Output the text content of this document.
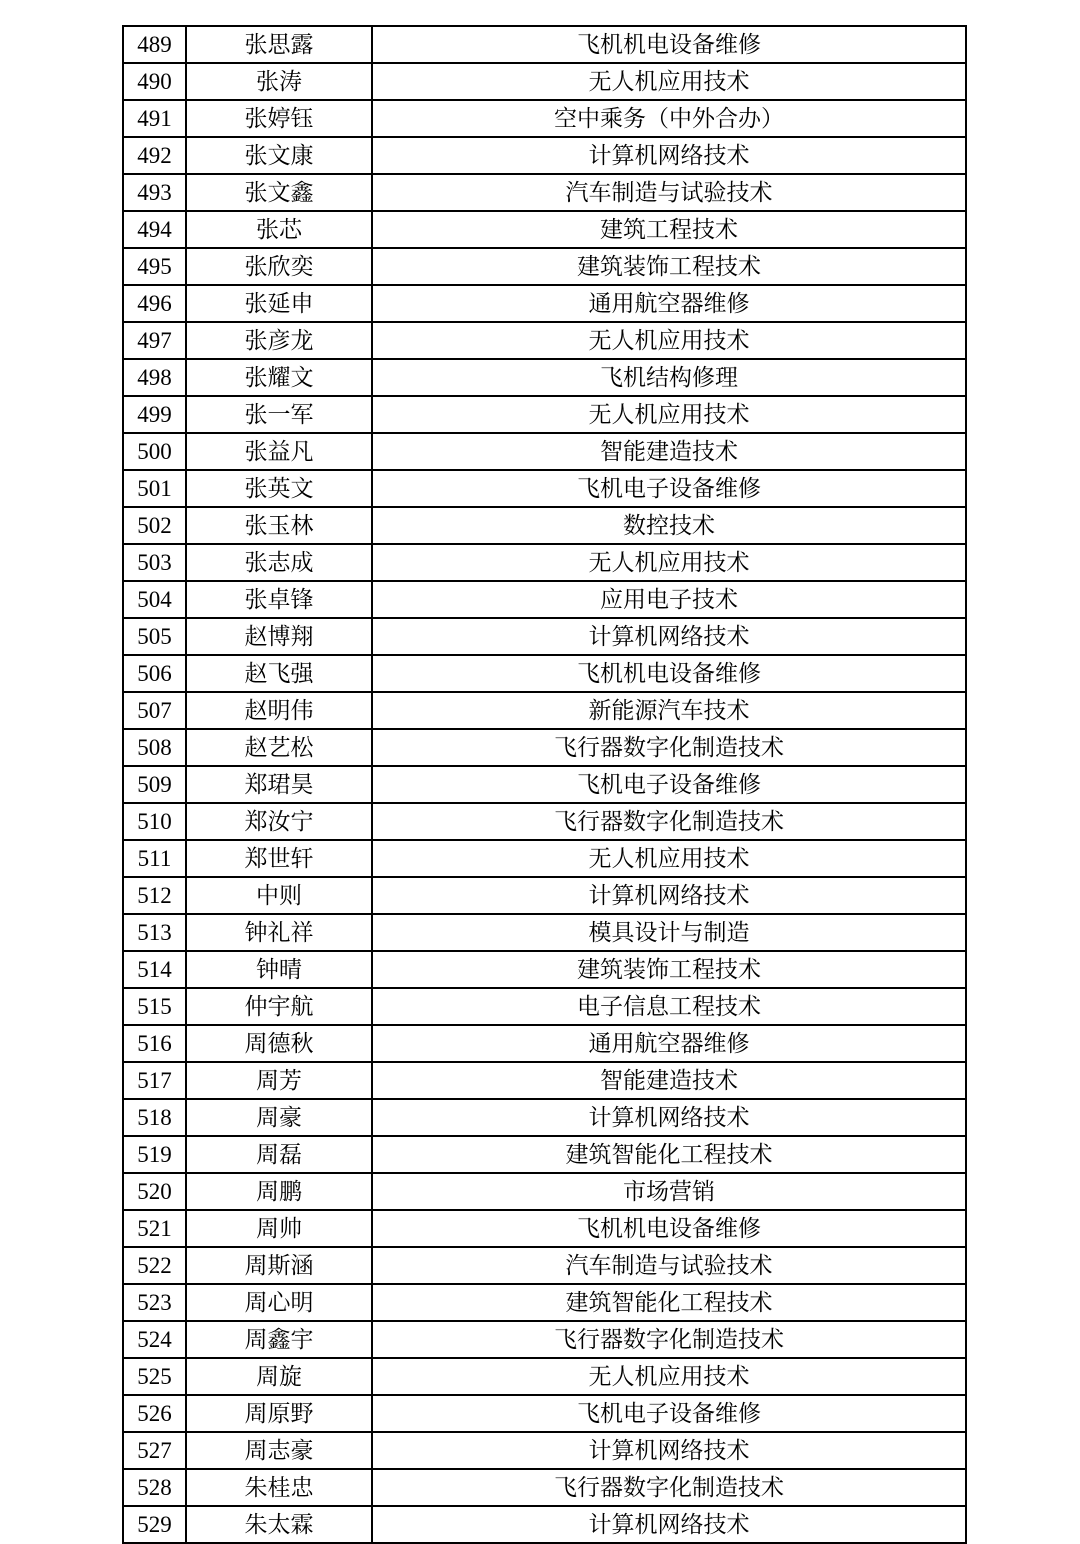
489	张思露	飞机机电设备维修
490	张涛	无人机应用技术
491	张婷钰	空中乘务（中外合办）
492	张文康	计算机网络技术
493	张文鑫	汽车制造与试验技术
494	张芯	建筑工程技术
495	张欣奕	建筑装饰工程技术
496	张延申	通用航空器维修
497	张彦龙	无人机应用技术
498	张耀文	飞机结构修理
499	张一军	无人机应用技术
500	张益凡	智能建造技术
501	张英文	飞机电子设备维修
502	张玉林	数控技术
503	张志成	无人机应用技术
504	张卓锋	应用电子技术
505	赵博翔	计算机网络技术
506	赵飞强	飞机机电设备维修
507	赵明伟	新能源汽车技术
508	赵艺松	飞行器数字化制造技术
509	郑珺昊	飞机电子设备维修
510	郑汝宁	飞行器数字化制造技术
511	郑世轩	无人机应用技术
512	中则	计算机网络技术
513	钟礼祥	模具设计与制造
514	钟晴	建筑装饰工程技术
515	仲宇航	电子信息工程技术
516	周德秋	通用航空器维修
517	周芳	智能建造技术
518	周豪	计算机网络技术
519	周磊	建筑智能化工程技术
520	周鹏	市场营销
521	周帅	飞机机电设备维修
522	周斯涵	汽车制造与试验技术
523	周心明	建筑智能化工程技术
524	周鑫宇	飞行器数字化制造技术
525	周旋	无人机应用技术
526	周原野	飞机电子设备维修
527	周志豪	计算机网络技术
528	朱桂忠	飞行器数字化制造技术
529	朱太霖	计算机网络技术
